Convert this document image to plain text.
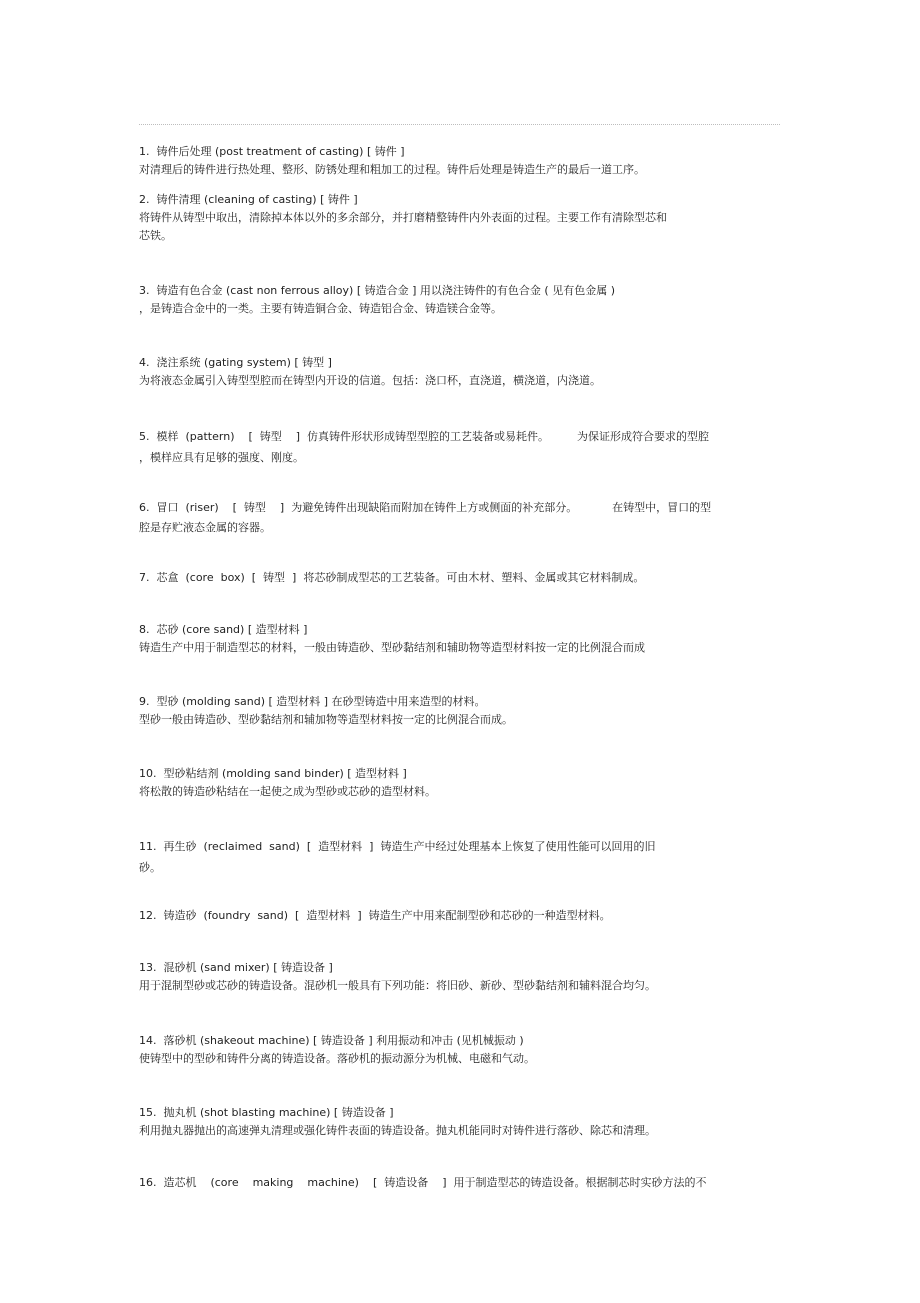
1.  铸件后处理 (post treatment of casting) [ 铸件 ]
对清理后的铸件进行热处理、整形、防锈处理和粗加工的过程。铸件后处理是铸造生产的最后一道工序。
2.  铸件清理 (cleaning of casting) [ 铸件 ]
将铸件从铸型中取出，清除掉本体以外的多余部分，并打磨精整铸件内外表面的过程。主要工作有清除型芯和
芯铁。
3.  铸造有色合金 (cast non ferrous alloy) [ 铸造合金 ] 用以浇注铸件的有色合金 ( 见有色金属 )
，是铸造合金中的一类。主要有铸造铜合金、铸造铝合金、铸造镁合金等。
4.  浇注系统 (gating system) [ 铸型 ]
为将液态金属引入铸型型腔而在铸型内开设的信道。包括：浇口杯，直浇道，横浇道，内浇道。
5.  模样  (pattern)    [  铸型    ]  仿真铸件形状形成铸型型腔的工艺装备或易耗件。        为保证形成符合要求的型腔
，模样应具有足够的强度、刚度。
6.  冒口  (riser)    [  铸型    ]  为避免铸件出现缺陷而附加在铸件上方或侧面的补充部分。          在铸型中，冒口的型
腔是存贮液态金属的容器。
7.  芯盒  (core  box)  [  铸型  ]  将芯砂制成型芯的工艺装备。可由木材、塑料、金属或其它材料制成。
8.  芯砂 (core sand) [ 造型材料 ]
铸造生产中用于制造型芯的材料，一般由铸造砂、型砂黏结剂和辅助物等造型材料按一定的比例混合而成
9.  型砂 (molding sand) [ 造型材料 ] 在砂型铸造中用来造型的材料。
型砂一般由铸造砂、型砂黏结剂和辅加物等造型材料按一定的比例混合而成。
10.  型砂粘结剂 (molding sand binder) [ 造型材料 ]
将松散的铸造砂粘结在一起使之成为型砂或芯砂的造型材料。
11.  再生砂  (reclaimed  sand)  [  造型材料  ]  铸造生产中经过处理基本上恢复了使用性能可以回用的旧
砂。
12.  铸造砂  (foundry  sand)  [  造型材料  ]  铸造生产中用来配制型砂和芯砂的一种造型材料。
13.  混砂机 (sand mixer) [ 铸造设备 ]
用于混制型砂或芯砂的铸造设备。混砂机一般具有下列功能：将旧砂、新砂、型砂黏结剂和辅料混合均匀。
14.  落砂机 (shakeout machine) [ 铸造设备 ] 利用振动和冲击 (见机械振动 )
使铸型中的型砂和铸件分离的铸造设备。落砂机的振动源分为机械、电磁和气动。
15.  抛丸机 (shot blasting machine) [ 铸造设备 ]
利用抛丸器抛出的高速弹丸清理或强化铸件表面的铸造设备。抛丸机能同时对铸件进行落砂、除芯和清理。
16.  造芯机    (core    making    machine)    [  铸造设备    ]  用于制造型芯的铸造设备。根据制芯时实砂方法的不
